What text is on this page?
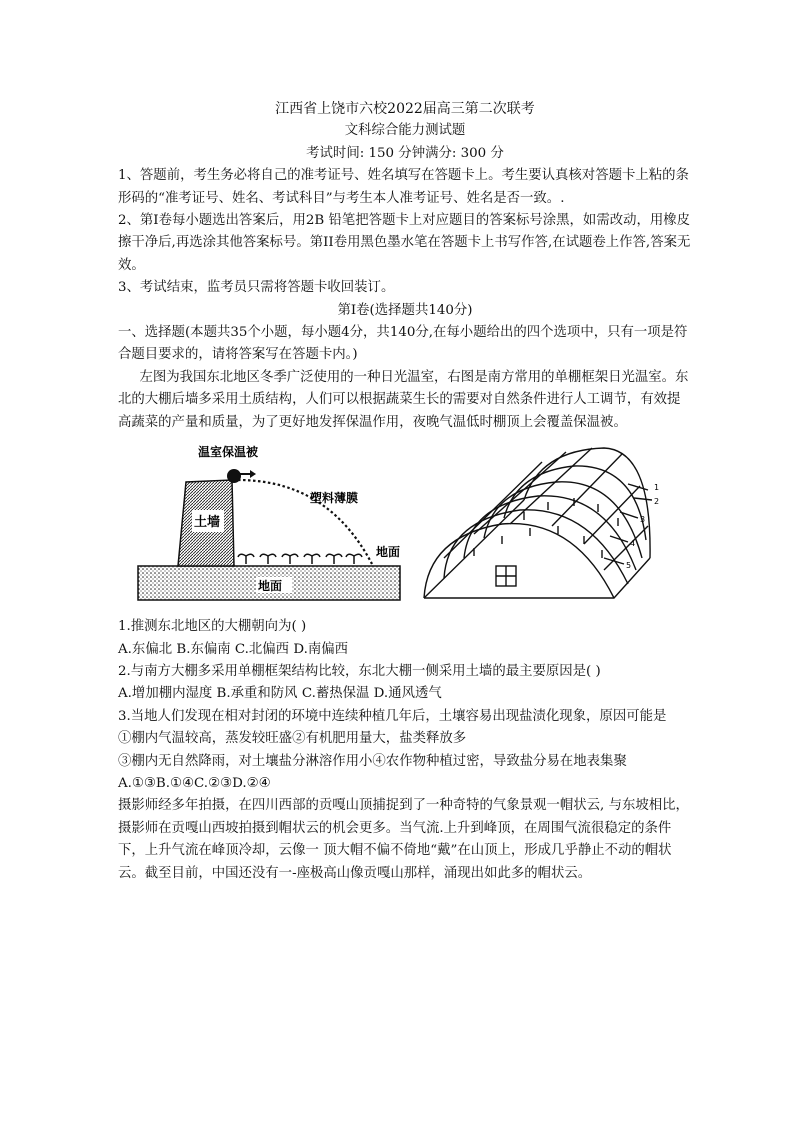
江西省上饶市六校2022届高三第二次联考

文科综合能力测试题

考试时间: 150 分钟满分: 300 分

1、答题前，考生务必将自己的准考证号、姓名填写在答题卡上。考生要认真核对答题卡上粘的条形码的“准考证号、姓名、考试科目”与考生本人准考证号、姓名是否一致。.

2、第I卷每小题选出答案后，用2B 铅笔把答题卡上对应题目的答案标号涂黑，如需改动，用橡皮擦干净后,再选涂其他答案标号。第II卷用黑色墨水笔在答题卡上书写作答,在试题卷上作答,答案无效。

3、考试结束，监考员只需将答题卡收回装订。

第I卷(选择题共140分)

一、选择题(本题共35个小题，每小题4分，共140分,在每小题给出的四个选项中，只有一项是符合题目要求的，请将答案写在答题卡内。)

左图为我国东北地区冬季广泛使用的一种日光温室，右图是南方常用的单棚框架日光温室。东北的大棚后墙多采用土质结构，人们可以根据蔬菜生长的需要对自然条件进行人工调节，有效提高蔬菜的产量和质量，为了更好地发挥保温作用，夜晚气温低时棚顶上会覆盖保温被。

温室保温被
塑料薄膜
土墙
地面
地面
1
2
3
4
5

1.推测东北地区的大棚朝向为( )

A.东偏北 B.东偏南 C.北偏西 D.南偏西

2.与南方大棚多采用单棚框架结构比较，东北大棚一侧采用土墙的最主要原因是( )

A.增加棚内湿度 B.承重和防风 C.蓄热保温 D.通风透气

3.当地人们发现在相对封闭的环境中连续种植几年后，土壤容易出现盐渍化现象，原因可能是

①棚内气温较高，蒸发较旺盛②有机肥用量大，盐类释放多

③棚内无自然降雨，对土壤盐分淋溶作用小④农作物种植过密，导致盐分易在地表集聚

A.①③B.①④C.②③D.②④

摄影师经多年拍摄，在四川西部的贡嘎山顶捕捉到了一种奇特的气象景观一帽状云, 与东坡相比，摄影师在贡嘎山西坡拍摄到帽状云的机会更多。当气流.上升到峰顶，在周围气流很稳定的条件下，上升气流在峰顶冷却，云像一 顶大帽不偏不倚地“戴”在山顶上，形成几乎静止不动的帽状云。截至目前，中国还没有一-座极高山像贡嘎山那样，涌现出如此多的帽状云。
